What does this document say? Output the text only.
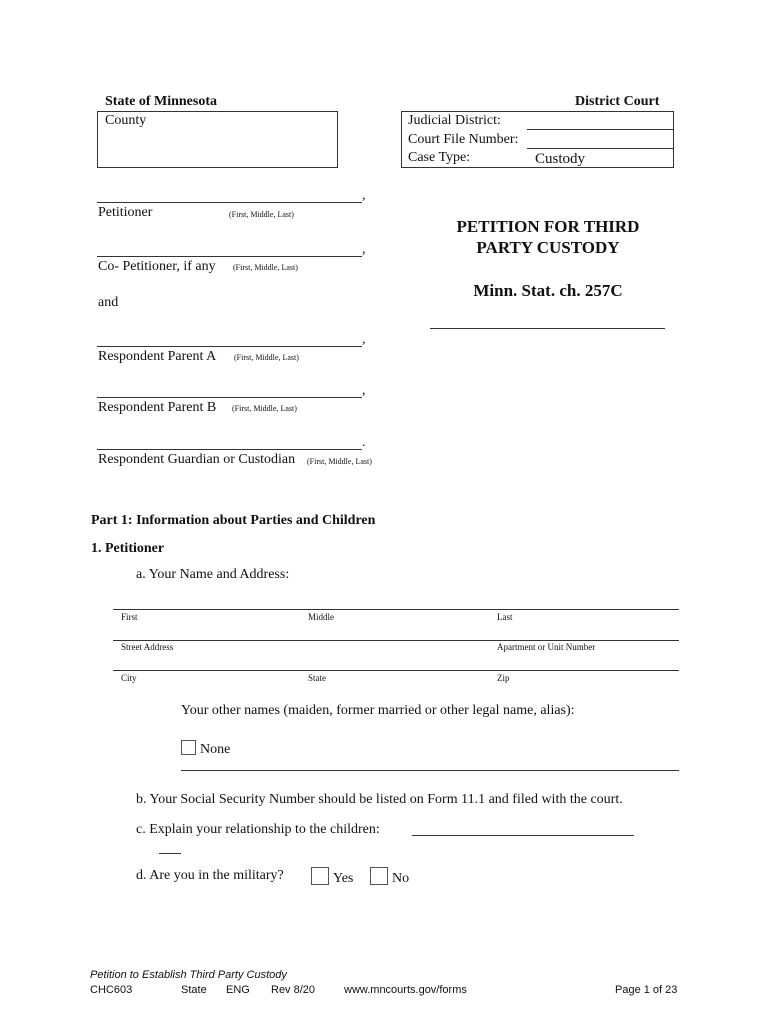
State of Minnesota	District Court
County	Judicial District:
Court File Number:
Case Type:	Custody
,
Petitioner	(First, Middle, Last)
,
Co- Petitioner, if any (First, Middle, Last)
and
,
Respondent Parent A (First, Middle, Last)
,
Respondent Parent B (First, Middle, Last)
.
Respondent Guardian or Custodian (First, Middle, Last)
PETITION FOR THIRD
PARTY CUSTODY
Minn. Stat. ch. 257C
Part 1: Information about Parties and Children
1. Petitioner
a. Your Name and Address:
First	Middle	Last
Street Address	Apartment or Unit Number
City	State	Zip
Your other names (maiden, former married or other legal name, alias):
None
b. Your Social Security Number should be listed on Form 11.1 and filed with the court.
c. Explain your relationship to the children:
d. Are you in the military?	Yes	No
Petition to Establish Third Party Custody
CHC603	State ENG Rev 8/20	www.mncourts.gov/forms	Page 1 of 23
